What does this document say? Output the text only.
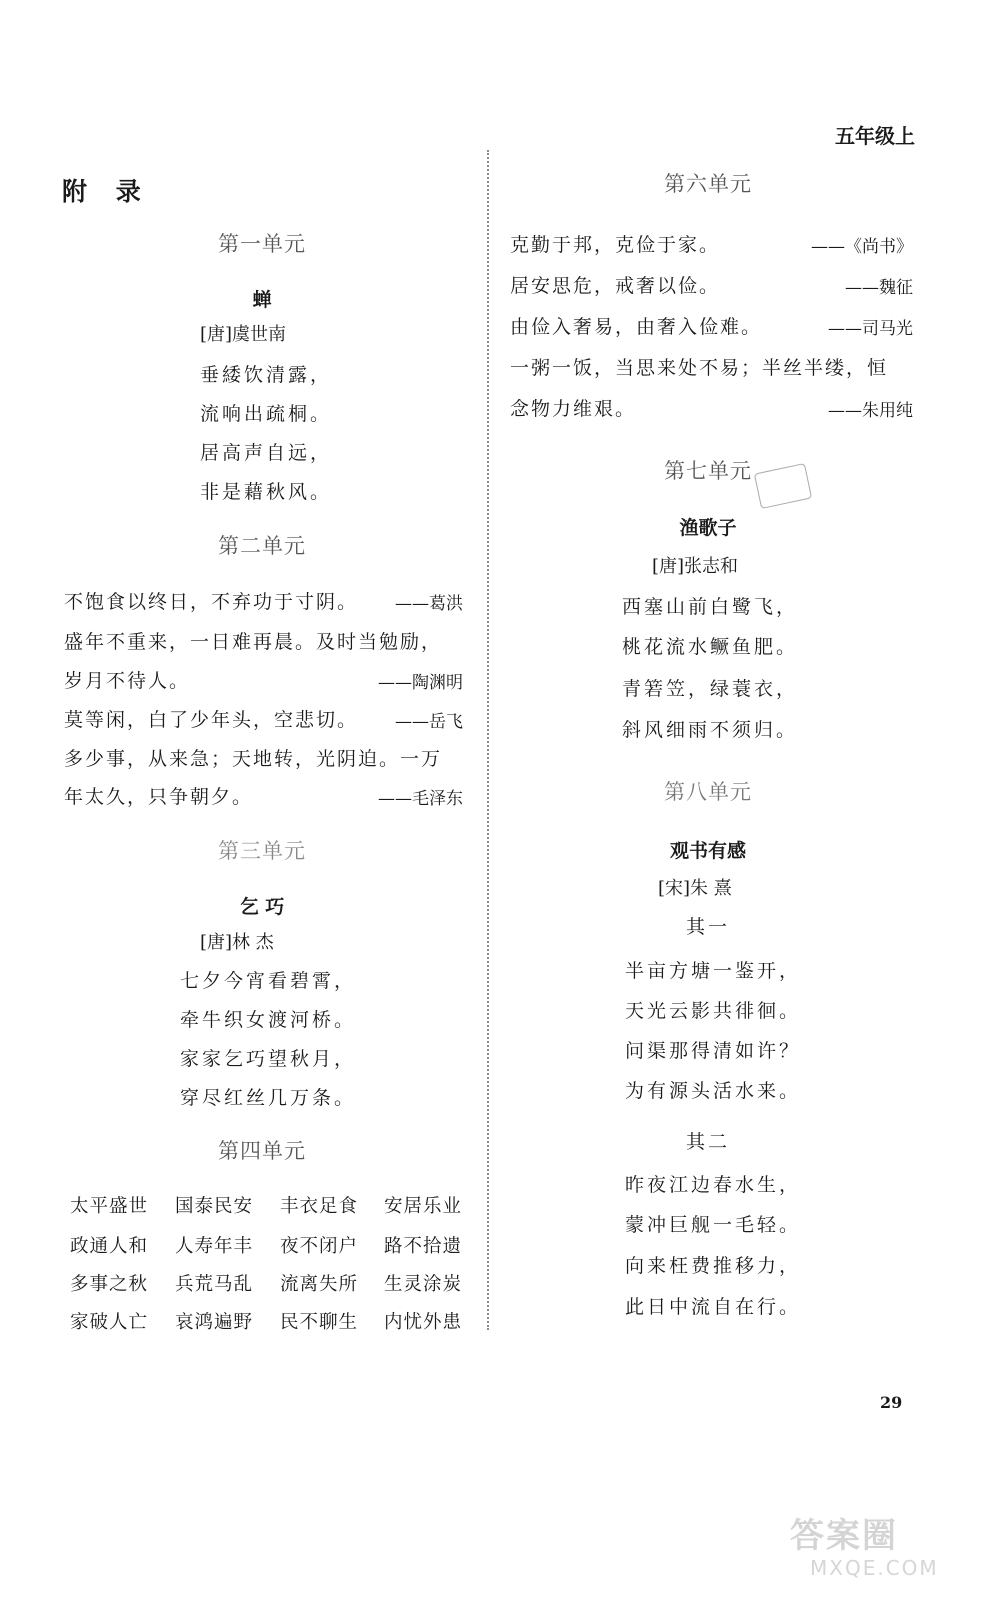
五年级上
附 录
第一单元
蝉
[唐]虞世南
垂緌饮清露，
流响出疏桐。
居高声自远，
非是藉秋风。
第二单元
不饱食以终日，不弃功于寸阴。 ——葛洪
盛年不重来，一日难再晨。及时当勉励，
岁月不待人。	——陶渊明
莫等闲，白了少年头，空悲切。 ——岳飞
多少事，从来急；天地转，光阴迫。一万
年太久，只争朝夕。	——毛泽东
第三单元
乞 巧
[唐]林 杰
七夕今宵看碧霄，
牵牛织女渡河桥。
家家乞巧望秋月，
穿尽红丝几万条。
第四单元
太平盛世 国泰民安 丰衣足食 安居乐业
政通人和 人寿年丰 夜不闭户 路不拾遗
多事之秋 兵荒马乱 流离失所 生灵涂炭
家破人亡 哀鸿遍野 民不聊生 内忧外患
第六单元
克勤于邦，克俭于家。	——《尚书》
居安思危，戒奢以俭。	——魏征
由俭入奢易，由奢入俭难。	——司马光
一粥一饭，当思来处不易；半丝半缕，恒
念物力维艰。	——朱用纯
第七单元
渔歌子
[唐]张志和
西塞山前白鹭飞，
桃花流水鳜鱼肥。
青箬笠，绿蓑衣，
斜风细雨不须归。
第八单元
观书有感
[宋]朱 熹
其一
半亩方塘一鉴开，
天光云影共徘徊。
问渠那得清如许？
为有源头活水来。
其二
昨夜江边春水生，
蒙冲巨舰一毛轻。
向来枉费推移力，
此日中流自在行。
29
答案圈
MXQE.COM
